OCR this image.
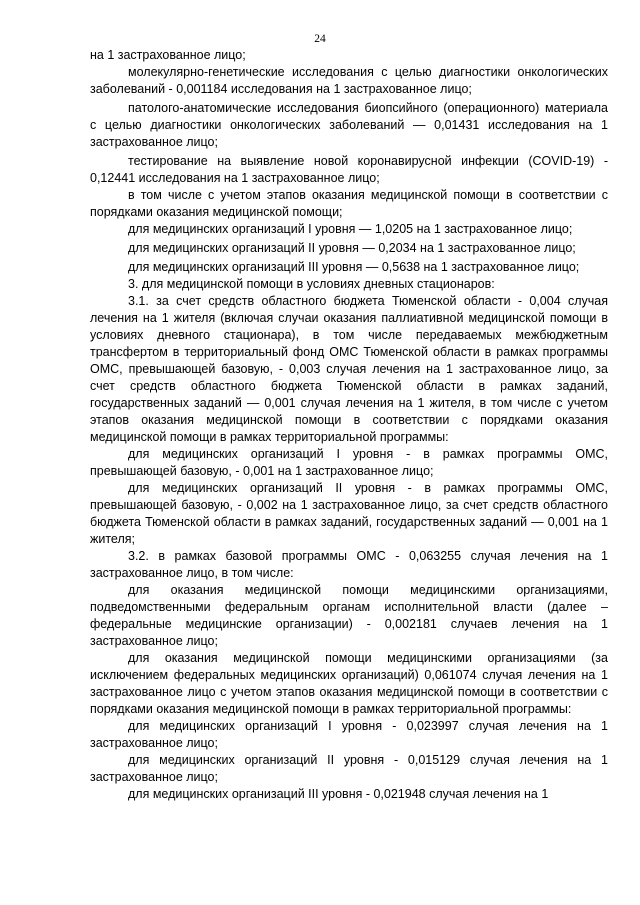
24

на 1 застрахованное лицо;

молекулярно-генетические исследования с целью диагностики онкологических заболеваний - 0,001184 исследования на 1 застрахованное лицо;

патолого-анатомические исследования биопсийного (операционного) материала с целью диагностики онкологических заболеваний — 0,01431 исследования на 1 застрахованное лицо;

тестирование на выявление новой коронавирусной инфекции (COVID-19) - 0,12441 исследования на 1 застрахованное лицо;

в том числе с учетом этапов оказания медицинской помощи в соответствии с порядками оказания медицинской помощи;

для медицинских организаций I уровня — 1,0205 на 1 застрахованное лицо;

для медицинских организаций II уровня — 0,2034 на 1 застрахованное лицо;

для медицинских организаций III уровня — 0,5638 на 1 застрахованное лицо;

3. для медицинской помощи в условиях дневных стационаров:

3.1. за счет средств областного бюджета Тюменской области - 0,004 случая лечения на 1 жителя (включая случаи оказания паллиативной медицинской помощи в условиях дневного стационара), в том числе передаваемых межбюджетным трансфертом в территориальный фонд ОМС Тюменской области в рамках программы ОМС, превышающей базовую, - 0,003 случая лечения на 1 застрахованное лицо, за счет средств областного бюджета Тюменской области в рамках заданий, государственных заданий — 0,001 случая лечения на 1 жителя, в том числе с учетом этапов оказания медицинской помощи в соответствии с порядками оказания медицинской помощи в рамках территориальной программы:

для медицинских организаций I уровня - в рамках программы ОМС, превышающей базовую, - 0,001 на 1 застрахованное лицо;

для медицинских организаций II уровня - в рамках программы ОМС, превышающей базовую, - 0,002 на 1 застрахованное лицо, за счет средств областного бюджета Тюменской области в рамках заданий, государственных заданий — 0,001 на 1 жителя;

3.2. в рамках базовой программы ОМС - 0,063255 случая лечения на 1 застрахованное лицо, в том числе:

для оказания медицинской помощи медицинскими организациями, подведомственными федеральным органам исполнительной власти (далее – федеральные медицинские организации) - 0,002181 случаев лечения на 1 застрахованное лицо;

для оказания медицинской помощи медицинскими организациями (за исключением федеральных медицинских организаций) 0,061074 случая лечения на 1 застрахованное лицо с учетом этапов оказания медицинской помощи в соответствии с порядками оказания медицинской помощи в рамках территориальной программы:

для медицинских организаций I уровня - 0,023997 случая лечения на 1 застрахованное лицо;

для медицинских организаций II уровня - 0,015129 случая лечения на 1 застрахованное лицо;

для медицинских организаций III уровня - 0,021948 случая лечения на 1
